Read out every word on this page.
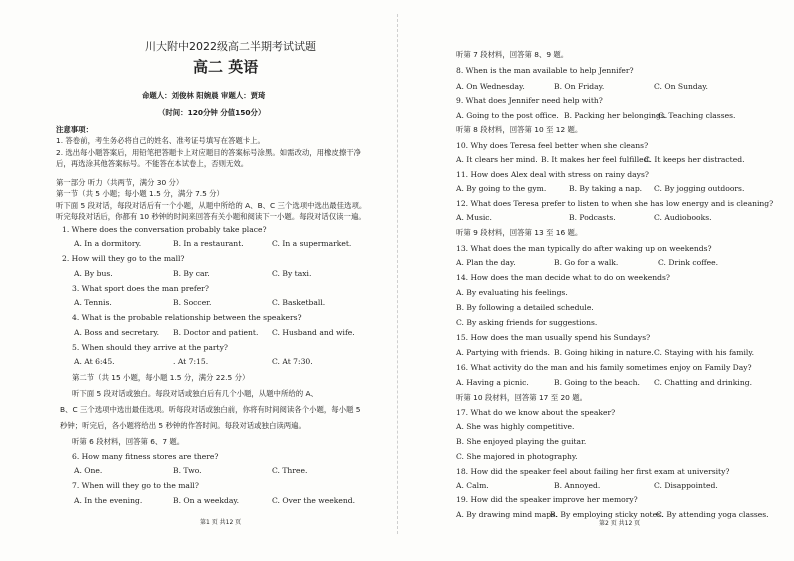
川大附中2022级高二半期考试试题
高二 英语
命题人：刘俊林 阳婉晨 审题人：贾琦
（时间：120分钟 分值150分）
注意事项：
1. 答卷前，考生务必将自己的姓名、准考证号填写在答题卡上。
2. 选出每小题答案后，用铅笔把答题卡上对应题目的答案标号涂黑。如需改动，用橡皮擦干净
后，再选涂其他答案标号。不能答在本试卷上，否则无效。
第一部分 听力（共两节，满分 30 分）
第一节（共 5 小题；每小题 1.5 分，满分 7.5 分）
听下面 5 段对话，每段对话后有一个小题，从题中所给的 A、B、C 三个选项中选出最佳选项。
听完每段对话后，你都有 10 秒钟的时间来回答有关小题和阅读下一小题。每段对话仅读一遍。
1. Where does the conversation probably take place?
A. In a dormitory.	B. In a restaurant.	C. In a supermarket.
2. How will they go to the mall?
A. By bus.	B. By car.	C. By taxi.
3. What sport does the man prefer?
A. Tennis.	B. Soccer.	C. Basketball.
4. What is the probable relationship between the speakers?
A. Boss and secretary. B. Doctor and patient. C. Husband and wife.
5. When should they arrive at the party?
A. At 6:45.	. At 7:15.	C. At 7:30.
第二节（共 15 小题，每小题 1.5 分，满分 22.5 分）
听下面 5 段对话或独白。每段对话或独白后有几个小题，从题中所给的 A、
B、C 三个选项中选出最佳选项。听每段对话或独白前，你将有时间阅读各个小题，每小题 5
秒钟；听完后，各小题将给出 5 秒钟的作答时间。每段对话或独白读两遍。
听第 6 段材料，回答第 6、7 题。
6. How many fitness stores are there?
A. One.	B. Two.	C. Three.
7. When will they go to the mall?
A. In the evening.	B. On a weekday.	C. Over the weekend.
第1 页 共12 页
听第 7 段材料，回答第 8、9 题。
8. When is the man available to help Jennifer?
A. On Wednesday.	B. On Friday.	C. On Sunday.
9. What does Jennifer need help with?
A. Going to the post office. B. Packing her belongings.
C. Teaching classes.
听第 8 段材料，回答第 10 至 12 题。
10. Why does Teresa feel better when she cleans?
A. It clears her mind. B. It makes her feel fulfilled.
C. It keeps her distracted.
11. How does Alex deal with stress on rainy days?
A. By going to the gym.	B. By taking a nap. C. By jogging outdoors.
12. What does Teresa prefer to listen to when she has low energy and is cleaning?
A. Music.	B. Podcasts.	C. Audiobooks.
听第 9 段材料，回答第 13 至 16 题。
13. What does the man typically do after waking up on weekends?
A. Plan the day.	B. Go for a walk.	C. Drink coffee.
14. How does the man decide what to do on weekends?
A. By evaluating his feelings.
B. By following a detailed schedule.
C. By asking friends for suggestions.
15. How does the man usually spend his Sundays?
A. Partying with friends. B. Going hiking in nature. C. Staying with his family.
16. What activity do the man and his family sometimes enjoy on Family Day?
A. Having a picnic.	B. Going to the beach. C. Chatting and drinking.
听第 10 段材料，回答第 17 至 20 题。
17. What do we know about the speaker?
A. She was highly competitive.
B. She enjoyed playing the guitar.
C. She majored in photography.
18. How did the speaker feel about failing her first exam at university?
A. Calm.	B. Annoyed.	C. Disappointed.
19. How did the speaker improve her memory?
A. By drawing mind maps.
B. By employing sticky notes.
C. By attending yoga classes.
第2 页 共12 页
